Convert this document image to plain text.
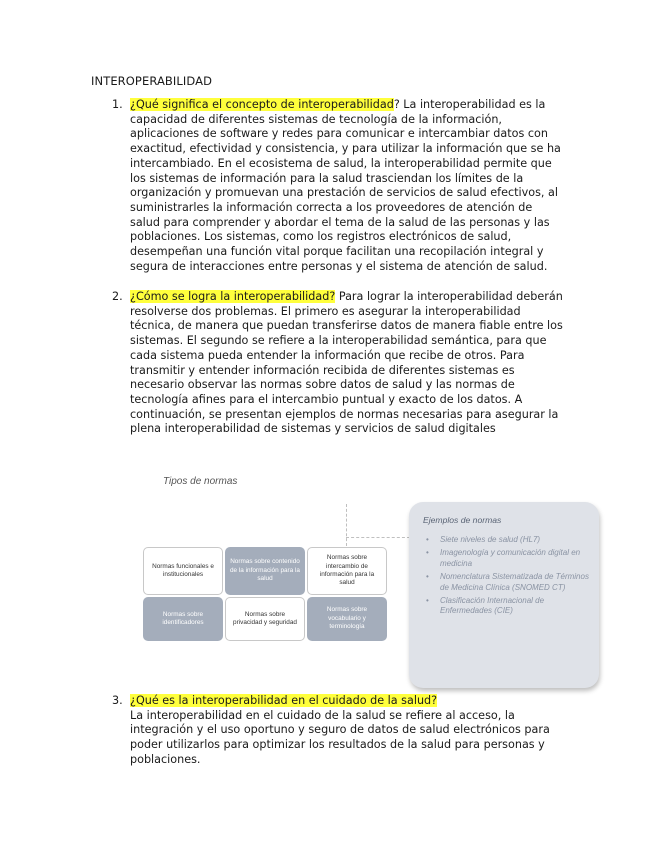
INTEROPERABILIDAD
1. ¿Qué significa el concepto de interoperabilidad? La interoperabilidad es la capacidad de diferentes sistemas de tecnología de la información, aplicaciones de software y redes para comunicar e intercambiar datos con exactitud, efectividad y consistencia, y para utilizar la información que se ha intercambiado. En el ecosistema de salud, la interoperabilidad permite que los sistemas de información para la salud trasciendan los límites de la organización y promuevan una prestación de servicios de salud efectivos, al suministrarles la información correcta a los proveedores de atención de salud para comprender y abordar el tema de la salud de las personas y las poblaciones. Los sistemas, como los registros electrónicos de salud, desempeñan una función vital porque facilitan una recopilación integral y segura de interacciones entre personas y el sistema de atención de salud.
2. ¿Cómo se logra la interoperabilidad? Para lograr la interoperabilidad deberán resolverse dos problemas. El primero es asegurar la interoperabilidad técnica, de manera que puedan transferirse datos de manera fiable entre los sistemas. El segundo se refiere a la interoperabilidad semántica, para que cada sistema pueda entender la información que recibe de otros. Para transmitir y entender información recibida de diferentes sistemas es necesario observar las normas sobre datos de salud y las normas de tecnología afines para el intercambio puntual y exacto de los datos. A continuación, se presentan ejemplos de normas necesarias para asegurar la plena interoperabilidad de sistemas y servicios de salud digitales
Tipos de normas
Normas funcionales e institucionales
Normas sobre contenido de la información para la salud
Normas sobre intercambio de información para la salud
Normas sobre identificadores
Normas sobre privacidad y seguridad
Normas sobre vocabulario y terminología
Ejemplos de normas
• Siete niveles de salud (HL7)
• Imagenología y comunicación digital en medicina
• Nomenclatura Sistematizada de Términos de Medicina Clínica (SNOMED CT)
• Clasificación Internacional de Enfermedades (CIE)
3. ¿Qué es la interoperabilidad en el cuidado de la salud?
La interoperabilidad en el cuidado de la salud se refiere al acceso, la integración y el uso oportuno y seguro de datos de salud electrónicos para poder utilizarlos para optimizar los resultados de la salud para personas y poblaciones.
